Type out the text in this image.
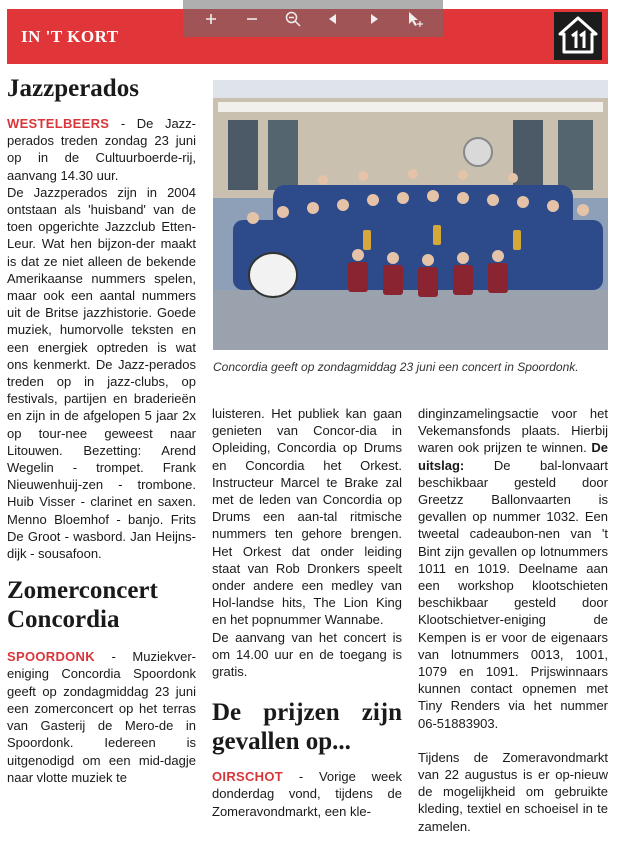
IN 'T KORT
Jazzperados

WESTELBEERS - De Jazz-perados treden zondag 23 juni op in de Cultuurboerde-rij, aanvang 14.30 uur.

De Jazzperados zijn in 2004 ontstaan als 'huisband' van de toen opgerichte Jazzclub Etten-Leur. Wat hen bijzon-der maakt is dat ze niet alleen de bekende Amerikaanse nummers spelen, maar ook een aantal nummers uit de Britse jazzhistorie. Goede muziek, humorvolle teksten en een energiek optreden is wat ons kenmerkt. De Jazz-perados treden op in jazz-clubs, op festivals, partijen en braderieën en zijn in de afgelopen 5 jaar 2x op tour-nee geweest naar Litouwen. Bezetting: Arend Wegelin - trompet. Frank Nieuwenhuij-zen - trombone. Huib Visser - clarinet en saxen. Menno Bloemhof - banjo. Frits De Groot - wasbord. Jan Heijns-dijk - sousafoon.

Zomerconcert Concordia

SPOORDONK - Muziekver-eniging Concordia Spoordonk geeft op zondagmiddag 23 juni een zomerconcert op het terras van Gasterij de Mero-de in Spoordonk. Iedereen is uitgenodigd om een mid-dagje naar vlotte muziek te

Concordia geeft op zondagmiddag 23 juni een concert in Spoordonk.

luisteren. Het publiek kan gaan genieten van Concor-dia in Opleiding, Concordia op Drums en Concordia het Orkest. Instructeur Marcel te Brake zal met de leden van Concordia op Drums een aan-tal ritmische nummers ten gehore brengen. Het Orkest dat onder leiding staat van Rob Dronkers speelt onder andere een medley van Hol-landse hits, The Lion King en het popnummer Wannabe.

De aanvang van het concert is om 14.00 uur en de toegang is gratis.

De prijzen zijn gevallen op...

OIRSCHOT - Vorige week donderdag vond, tijdens de Zomeravondmarkt, een kle-

dinginzamelingsactie voor het Vekemansfonds plaats. Hierbij waren ook prijzen te winnen. De uitslag: De bal-lonvaart beschikbaar gesteld door Greetzz Ballonvaarten is gevallen op nummer 1032. Een tweetal cadeaubon-nen van 't Bint zijn gevallen op lotnummers 1011 en 1019. Deelname aan een workshop klootschieten beschikbaar gesteld door Klootschietver-eniging de Kempen is er voor de eigenaars van lotnummers 0013, 1001, 1079 en 1091. Prijswinnaars kunnen contact opnemen met Tiny Renders via het nummer 06-51883903.

Tijdens de Zomeravondmarkt van 22 augustus is er op-nieuw de mogelijkheid om gebruikte kleding, textiel en schoeisel in te zamelen.
